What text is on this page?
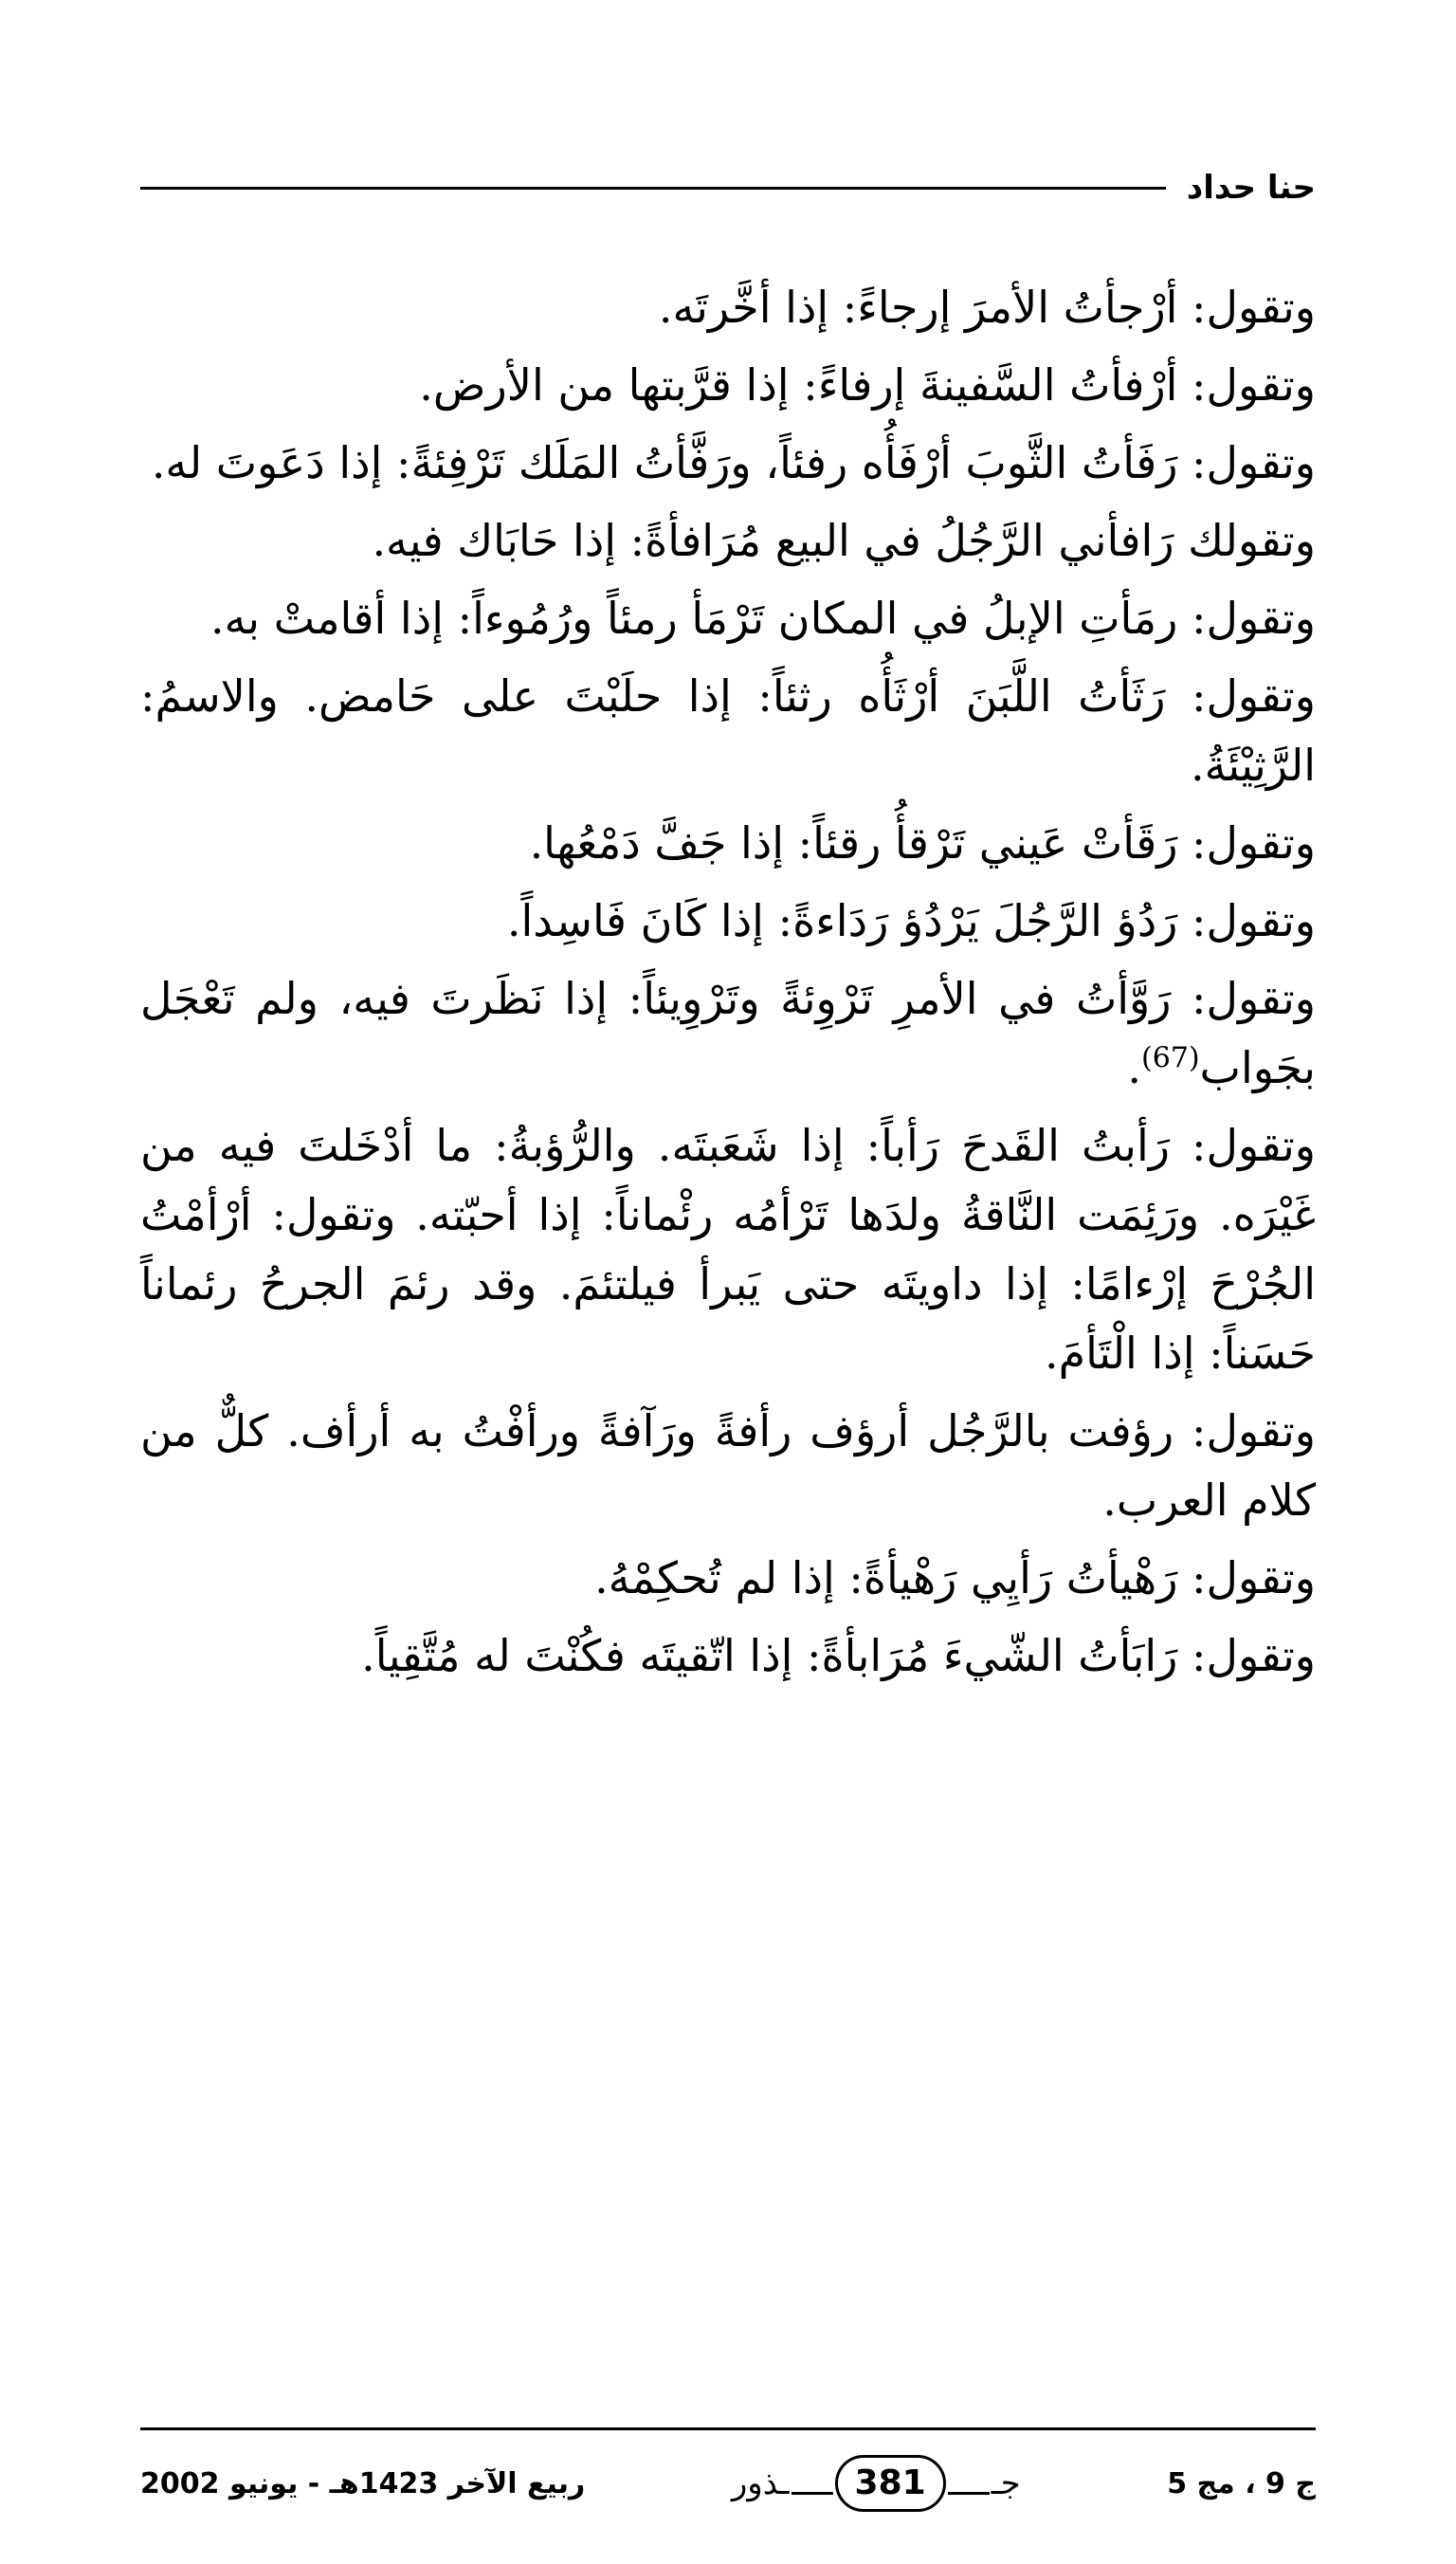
حنا حداد

وتقول: أرْجأتُ الأمرَ إرجاءً: إذا أخَّرتَه.

وتقول: أرْفأتُ السَّفينةَ إرفاءً: إذا قرَّبتها من الأرض.

وتقول: رَفَأتُ الثَّوبَ أرْفَأُه رفئاً، ورَفَّأتُ المَلَك تَرْفِئةً: إذا دَعَوتَ له.

وتقولك رَافأني الرَّجُلُ في البيع مُرَافأةً: إذا حَابَاك فيه.

وتقول: رمَأتِ الإبلُ في المكان تَرْمَأ رمئاً ورُمُوءاً: إذا أقامتْ به.

وتقول: رَثَأتُ اللَّبَنَ أرْثَأُه رثئاً: إذا حلَبْتَ على حَامض. والاسمُ: الرَّثِيْئَةُ.

وتقول: رَقَأتْ عَيني تَرْقأُ رقئاً: إذا جَفَّ دَمْعُها.

وتقول: رَدُؤ الرَّجُلَ يَرْدُؤ رَدَاءةً: إذا كَانَ فَاسِداً.

وتقول: رَوَّأتُ في الأمرِ تَرْوِئةً وتَرْوِيئاً: إذا نَظَرتَ فيه، ولم تَعْجَل بجَواب$^{(67)}$.

وتقول: رَأبتُ القَدحَ رَأباً: إذا شَعَبتَه. والرُّؤبةُ: ما أدْخَلتَ فيه من غَيْرَه. ورَئِمَت النَّاقةُ ولدَها تَرْأمُه رئْماناً: إذا أحبّته. وتقول: أرْأمْتُ الجُرْحَ إرْءامًا: إذا داويتَه حتى يَبرأ فيلتئمَ. وقد رئمَ الجرحُ رئماناً حَسَناً: إذا الْتَأمَ.

وتقول: رؤفت بالرَّجُل أرؤف رأفةً ورَآفةً ورأفْتُ به أرأف. كلٌّ من كلام العرب.

وتقول: رَهْيأتُ رَأيِي رَهْيأةً: إذا لم تُحكِمْهُ.

وتقول: رَابَأتُ الشّيءَ مُرَابأةً: إذا اتّقيتَه فكُنْتَ له مُتَّقِياً.

ج 9 ، مج 5
جـ
381
ـذور
ربيع الآخر 1423هـ - يونيو 2002
